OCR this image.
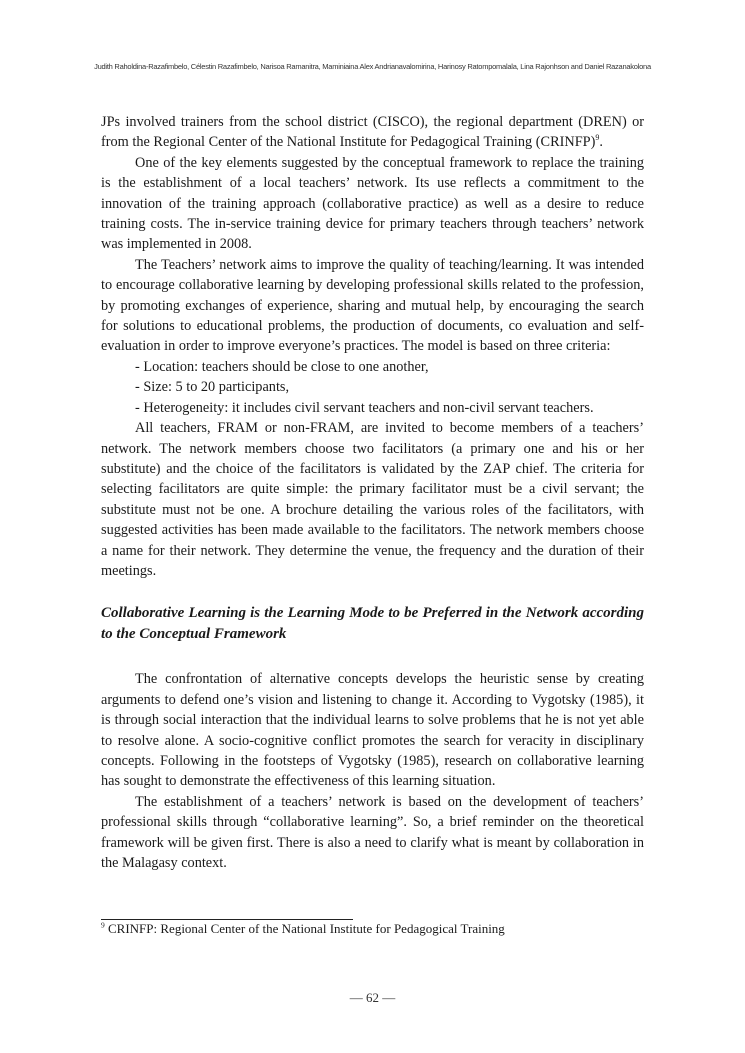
Judith Raholdina-Razafimbelo, Célestin Razafimbelo, Narisoa Ramanitra, Maminiaina Alex Andrianavalomirina, Harinosy Ratompomalala, Lina Rajonhson and Daniel Razanakolona

JPs involved trainers from the school district (CISCO), the regional department (DREN) or from the Regional Center of the National Institute for Pedagogical Training (CRINFP)$^9$.

One of the key elements suggested by the conceptual framework to replace the training is the establishment of a local teachers’ network. Its use reflects a commitment to the innovation of the training approach (collaborative practice) as well as a desire to reduce training costs. The in-service training device for primary teachers through teachers’ network was implemented in 2008.

The Teachers’ network aims to improve the quality of teaching/learning. It was intended to encourage collaborative learning by developing professional skills related to the profession, by promoting exchanges of experience, sharing and mutual help, by encouraging the search for solutions to educational problems, the production of documents, co evaluation and self-evaluation in order to improve everyone’s practices. The model is based on three criteria:

- Location: teachers should be close to one another,

- Size: 5 to 20 participants,

- Heterogeneity: it includes civil servant teachers and non-civil servant teachers.

All teachers, FRAM or non-FRAM, are invited to become members of a teachers’ network. The network members choose two facilitators (a primary one and his or her substitute) and the choice of the facilitators is validated by the ZAP chief. The criteria for selecting facilitators are quite simple: the primary facilitator must be a civil servant; the substitute must not be one. A brochure detailing the various roles of the facilitators, with suggested activities has been made available to the facilitators. The network members choose a name for their network. They determine the venue, the frequency and the duration of their meetings.

Collaborative Learning is the Learning Mode to be Preferred in the Network according to the Conceptual Framework

The confrontation of alternative concepts develops the heuristic sense by creating arguments to defend one’s vision and listening to change it. According to Vygotsky (1985), it is through social interaction that the individual learns to solve problems that he is not yet able to resolve alone. A socio-cognitive conflict promotes the search for veracity in disciplinary concepts. Following in the footsteps of Vygotsky (1985), research on collaborative learning has sought to demonstrate the effectiveness of this learning situation.

The establishment of a teachers’ network is based on the development of teachers’ professional skills through “collaborative learning”. So, a brief reminder on the theoretical framework will be given first. There is also a need to clarify what is meant by collaboration in the Malagasy context.

$^9$ CRINFP: Regional Center of the National Institute for Pedagogical Training
― 62 ―
